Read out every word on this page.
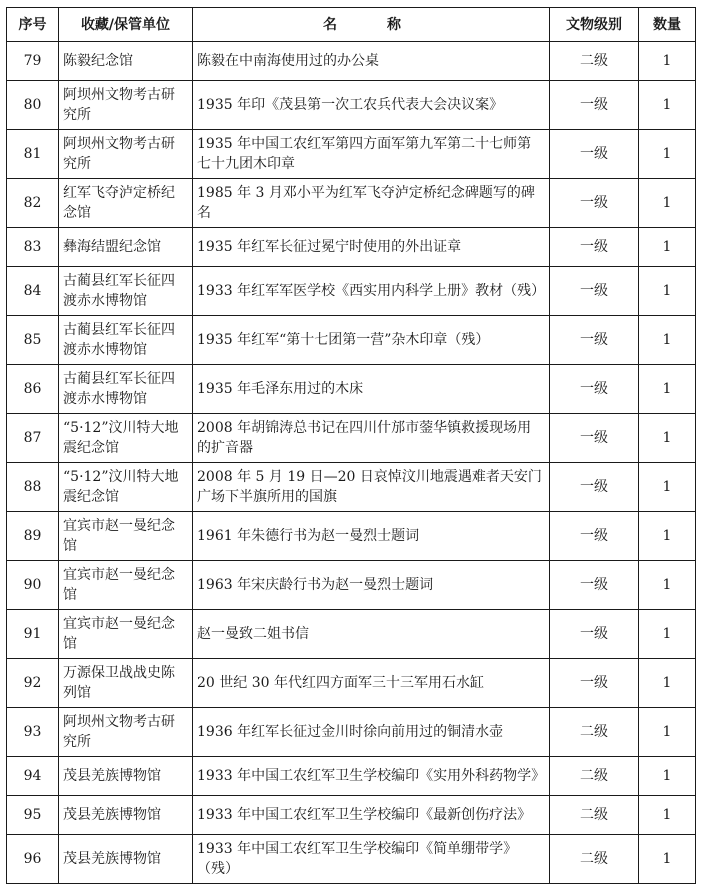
序号	收藏/保管单位	名　称	文物级别	数量
79	陈毅纪念馆	陈毅在中南海使用过的办公桌	二级	1
80	阿坝州文物考古研究所	1935 年印《茂县第一次工农兵代表大会决议案》	一级	1
81	阿坝州文物考古研究所	1935 年中国工农红军第四方面军第九军第二十七师第七十九团木印章	一级	1
82	红军飞夺泸定桥纪念馆	1985 年 3 月邓小平为红军飞夺泸定桥纪念碑题写的碑名	一级	1
83	彝海结盟纪念馆	1935 年红军长征过冕宁时使用的外出证章	一级	1
84	古蔺县红军长征四渡赤水博物馆	1933 年红军军医学校《西实用内科学上册》教材（残）	一级	1
85	古蔺县红军长征四渡赤水博物馆	1935 年红军“第十七团第一营”杂木印章（残）	一级	1
86	古蔺县红军长征四渡赤水博物馆	1935 年毛泽东用过的木床	一级	1
87	“5·12”汶川特大地震纪念馆	2008 年胡锦涛总书记在四川什邡市蓥华镇救援现场用的扩音器	一级	1
88	“5·12”汶川特大地震纪念馆	2008 年 5 月 19 日—20 日哀悼汶川地震遇难者天安门广场下半旗所用的国旗	一级	1
89	宜宾市赵一曼纪念馆	1961 年朱德行书为赵一曼烈士题词	一级	1
90	宜宾市赵一曼纪念馆	1963 年宋庆龄行书为赵一曼烈士题词	一级	1
91	宜宾市赵一曼纪念馆	赵一曼致二姐书信	一级	1
92	万源保卫战战史陈列馆	20 世纪 30 年代红四方面军三十三军用石水缸	一级	1
93	阿坝州文物考古研究所	1936 年红军长征过金川时徐向前用过的铜清水壶	二级	1
94	茂县羌族博物馆	1933 年中国工农红军卫生学校编印《实用外科药物学》	二级	1
95	茂县羌族博物馆	1933 年中国工农红军卫生学校编印《最新创伤疗法》	二级	1
96	茂县羌族博物馆	1933 年中国工农红军卫生学校编印《简单绷带学》（残）	二级	1
